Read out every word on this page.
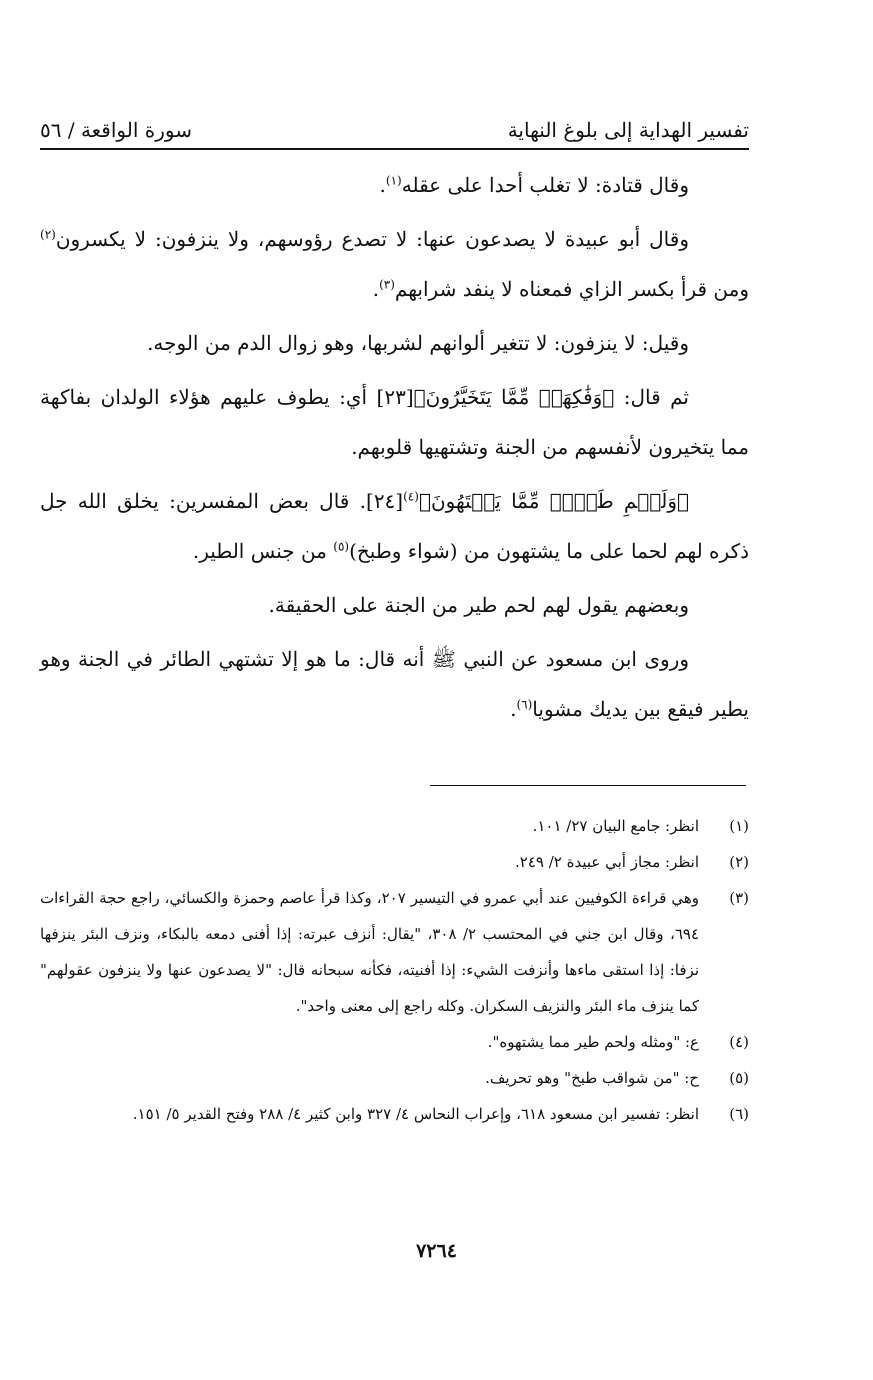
تفسير الهداية إلى بلوغ النهاية
سورة الواقعة / ٥٦

وقال قتادة: لا تغلب أحدا على عقله$^{(١)}$.

وقال أبو عبيدة لا يصدعون عنها: لا تصدع رؤوسهم، ولا ينزفون: لا يكسرون$^{(٢)}$ ومن قرأ بكسر الزاي فمعناه لا ينفد شرابهم$^{(٣)}$.

وقيل: لا ينزفون: لا تتغير ألوانهم لشربها، وهو زوال الدم من الوجه.

ثم قال: ﴿وَفَٰكِهَةٖ مِّمَّا يَتَخَيَّرُونَ﴾[٢٣] أي: يطوف عليهم هؤلاء الولدان بفاكهة مما يتخيرون لأنفسهم من الجنة وتشتهيها قلوبهم.

﴿وَلَحۡمِ طَيۡرٖ مِّمَّا يَشۡتَهُونَ﴾$^{(٤)}$[٢٤]. قال بعض المفسرين: يخلق الله جل ذكره لهم لحما على ما يشتهون من (شواء وطبخ)$^{(٥)}$ من جنس الطير.

وبعضهم يقول لهم لحم طير من الجنة على الحقيقة.

وروى ابن مسعود عن النبي ﷺ أنه قال: ما هو إلا تشتهي الطائر في الجنة وهو يطير فيقع بين يديك مشويا$^{(٦)}$.

(١)
انظر: جامع البيان ٢٧/ ١٠١.
(٢)
انظر: مجاز أبي عبيدة ٢/ ٢٤٩.
(٣)
وهي قراءة الكوفيين عند أبي عمرو في التيسير ٢٠٧، وكذا قرأ عاصم وحمزة والكسائي، راجع حجة القراءات ٦٩٤، وقال ابن جني في المحتسب ٢/ ٣٠٨، "يقال: أنزف عبرته: إذا أفنى دمعه بالبكاء، ونزف البئر ينزفها نزفا: إذا استقى ماءها وأنزفت الشيء: إذا أفنيته، فكأنه سبحانه قال: "لا يصدعون عنها ولا ينزفون عقولهم" كما ينزف ماء البئر والنزيف السكران. وكله راجع إلى معنى واحد".
(٤)
ع: "ومثله ولحم طير مما يشتهوه".
(٥)
ح: "من شواقب طبخ" وهو تحريف.
(٦)
انظر: تفسير ابن مسعود ٦١٨، وإعراب النحاس ٤/ ٣٢٧ وابن كثير ٤/ ٢٨٨ وفتح القدير ٥/ ١٥١.
٧٢٦٤
